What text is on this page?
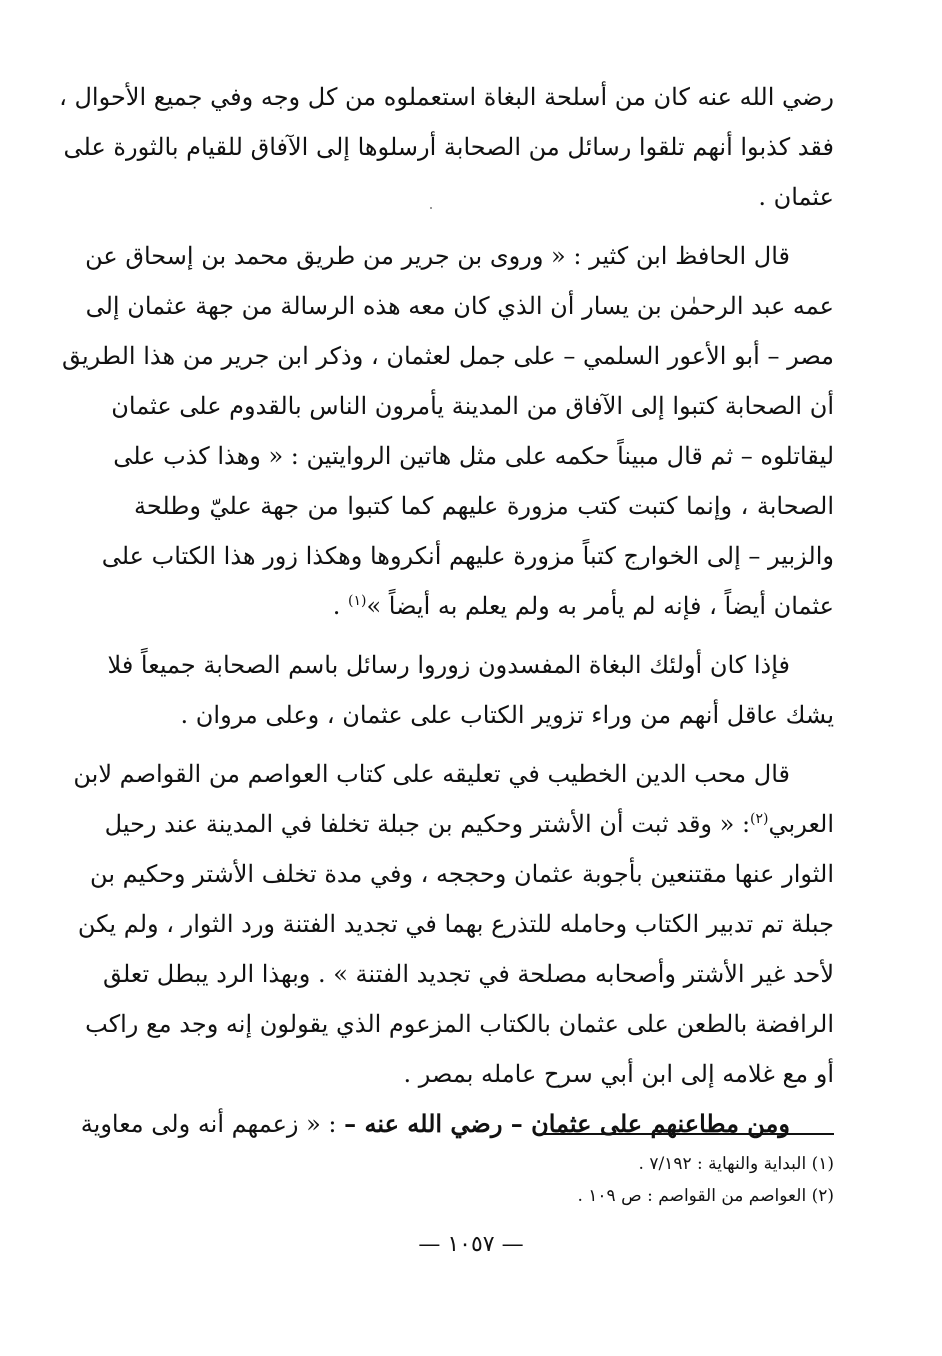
رضي الله عنه كان من أسلحة البغاة استعملوه من كل وجه وفي جميع الأحوال ،
فقد كذبوا أنهم تلقوا رسائل من الصحابة أرسلوها إلى الآفاق للقيام بالثورة على
عثمان .
قال الحافظ ابن كثير : « وروى بن جرير من طريق محمد بن إسحاق عن
عمه عبد الرحمٰن بن يسار أن الذي كان معه هذه الرسالة من جهة عثمان إلى
مصر – أبو الأعور السلمي – على جمل لعثمان ، وذكر ابن جرير من هذا الطريق
أن الصحابة كتبوا إلى الآفاق من المدينة يأمرون الناس بالقدوم على عثمان
ليقاتلوه – ثم قال مبيناً حكمه على مثل هاتين الروايتين : « وهذا كذب على
الصحابة ، وإنما كتبت كتب مزورة عليهم كما كتبوا من جهة عليّ وطلحة
والزبير – إلى الخوارج كتباً مزورة عليهم أنكروها وهكذا زور هذا الكتاب على
عثمان أيضاً ، فإنه لم يأمر به ولم يعلم به أيضاً »$^{(١)}$ .
فإذا كان أولئك البغاة المفسدون زوروا رسائل باسم الصحابة جميعاً فلا
يشك عاقل أنهم من وراء تزوير الكتاب على عثمان ، وعلى مروان .
قال محب الدين الخطيب في تعليقه على كتاب العواصم من القواصم لابن
العربي$^{(٢)}$: « وقد ثبت أن الأشتر وحكيم بن جبلة تخلفا في المدينة عند رحيل
الثوار عنها مقتنعين بأجوبة عثمان وحججه ، وفي مدة تخلف الأشتر وحكيم بن
جبلة تم تدبير الكتاب وحامله للتذرع بهما في تجديد الفتنة ورد الثوار ، ولم يكن
لأحد غير الأشتر وأصحابه مصلحة في تجديد الفتنة » . وبهذا الرد يبطل تعلق
الرافضة بالطعن على عثمان بالكتاب المزعوم الذي يقولون إنه وجد مع راكب
أو مع غلامه إلى ابن أبي سرح عامله بمصر .
ومن مطاعنهم على عثمان – رضي الله عنه – : « زعمهم أنه ولى معاوية
(١) البداية والنهاية : ٧/١٩٢ .
(٢) العواصم من القواصم : ص ١٠٩ .
— ١٠٥٧ —
